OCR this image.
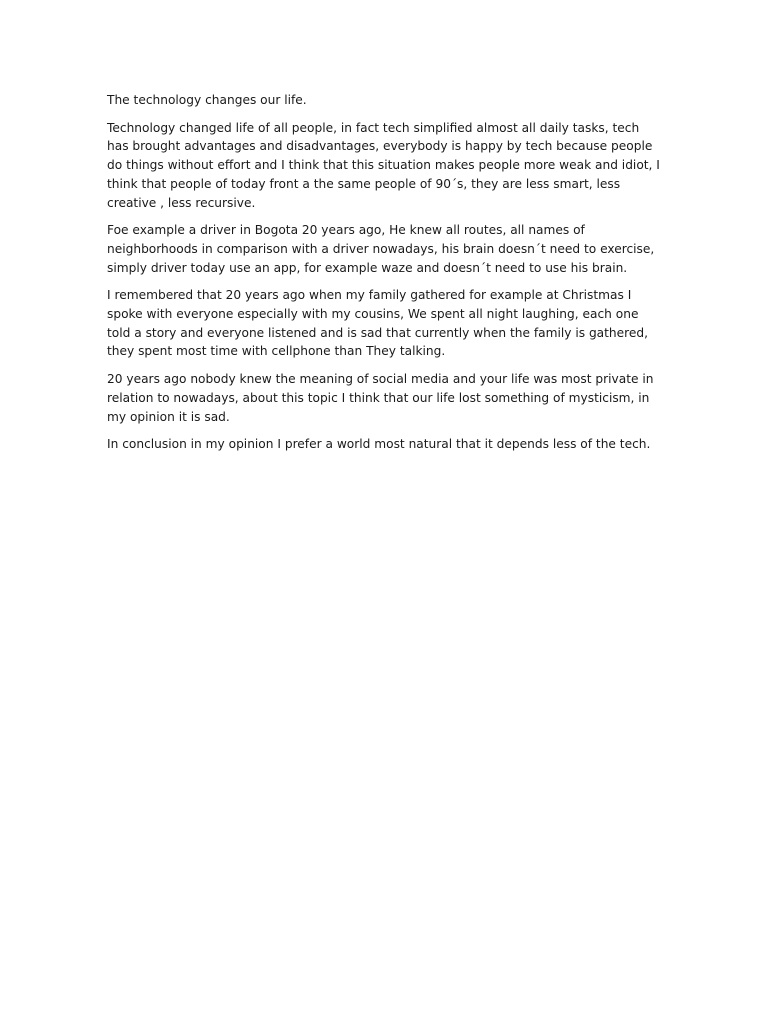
The technology changes our life.

Technology changed life of all people, in fact tech simplified almost all daily tasks, tech has brought advantages and disadvantages, everybody is happy by tech because people do things without effort and I think that this situation makes people more weak and idiot, I think that people of today front a the same people of 90´s, they are less smart, less creative , less recursive.

Foe example a driver in Bogota 20 years ago, He knew all routes, all names of neighborhoods in comparison with a driver nowadays, his brain doesn´t need to exercise, simply driver today use an app, for example waze and doesn´t need to use his brain.

I remembered that 20 years ago when my family gathered for example at Christmas I spoke with everyone especially with my cousins, We spent all night laughing, each one told a story and everyone listened and is sad that currently when the family is gathered, they spent most time with cellphone than They talking.

20 years ago nobody knew the meaning of social media and your life was most private in relation to nowadays, about this topic I think that our life lost something of mysticism, in my opinion it is sad.

In conclusion in my opinion I prefer a world most natural that it depends less of the tech.
